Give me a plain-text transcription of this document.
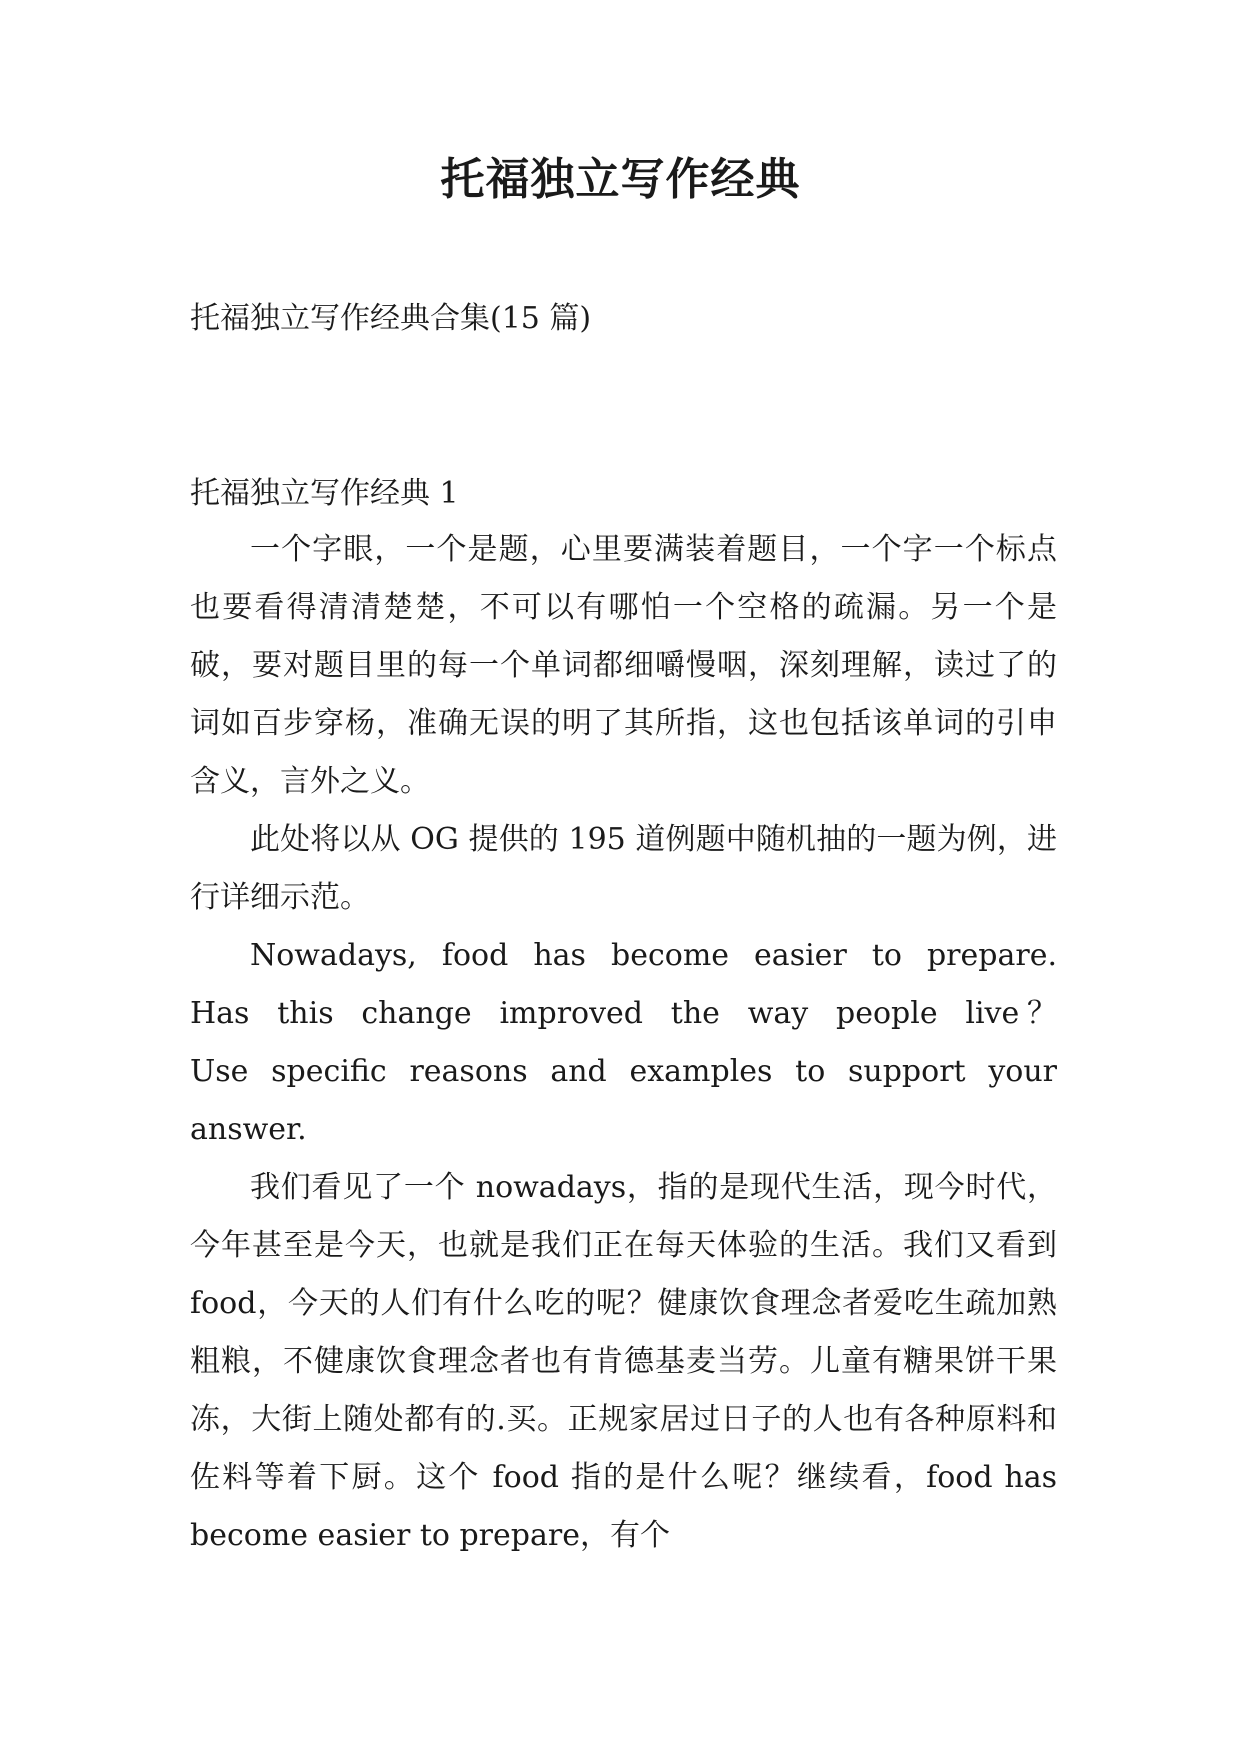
托福独立写作经典
托福独立写作经典合集(15 篇)
托福独立写作经典 1

一个字眼，一个是题，心里要满装着题目，一个字一个标点也要看得清清楚楚，不可以有哪怕一个空格的疏漏。另一个是破，要对题目里的每一个单词都细嚼慢咽，深刻理解，读过了的词如百步穿杨，准确无误的明了其所指，这也包括该单词的引申含义，言外之义。

此处将以从 OG 提供的 195 道例题中随机抽的一题为例，进行详细示范。

Nowadays, food has become easier to prepare. Has this change improved the way people live？ Use specific reasons and examples to support your answer.

我们看见了一个 nowadays，指的是现代生活，现今时代，今年甚至是今天，也就是我们正在每天体验的生活。我们又看到 food，今天的人们有什么吃的呢？健康饮食理念者爱吃生疏加熟粗粮，不健康饮食理念者也有肯德基麦当劳。儿童有糖果饼干果冻，大街上随处都有的.买。正规家居过日子的人也有各种原料和佐料等着下厨。这个 food 指的是什么呢？继续看，food has become easier to prepare，有个
